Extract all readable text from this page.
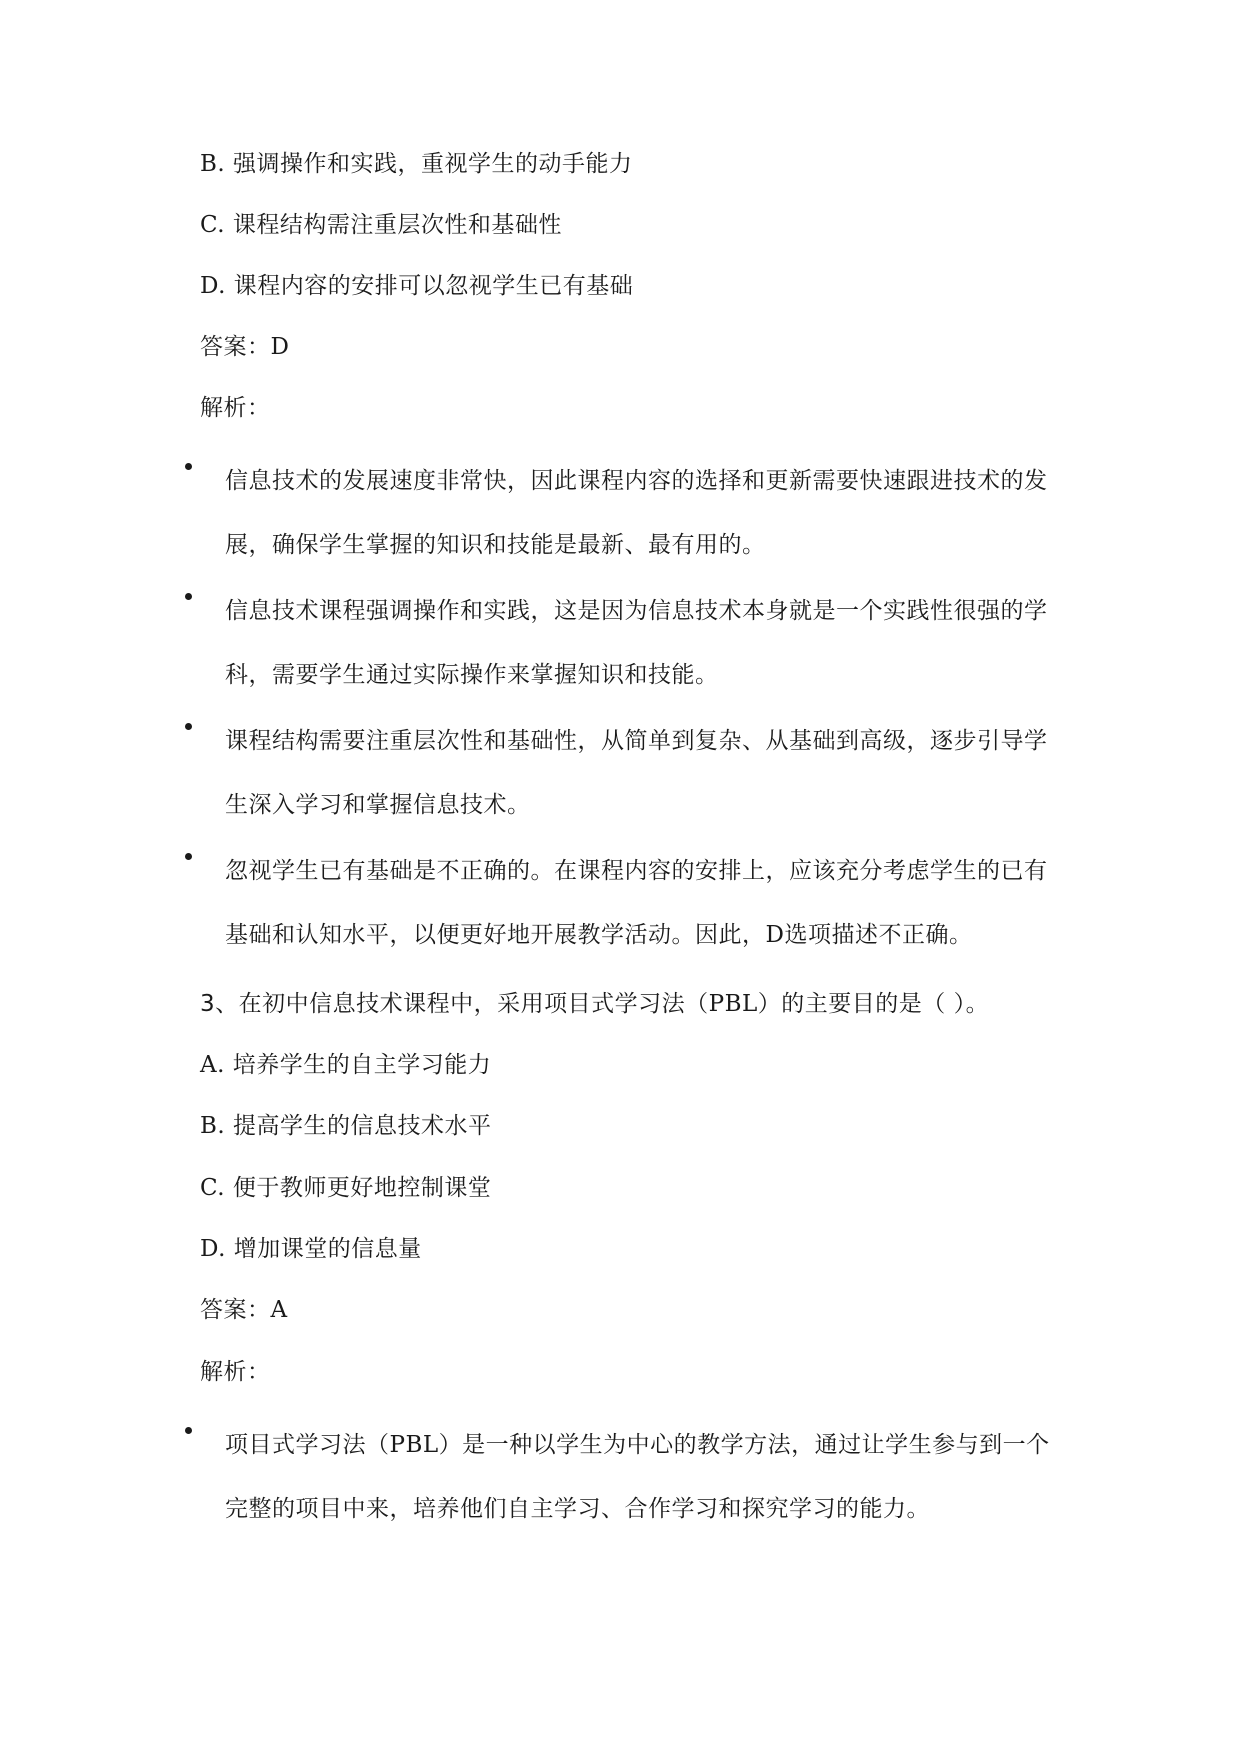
B. 强调操作和实践，重视学生的动手能力
C. 课程结构需注重层次性和基础性
D. 课程内容的安排可以忽视学生已有基础
答案：D
解析：
信息技术的发展速度非常快，因此课程内容的选择和更新需要快速跟进技术的发
展，确保学生掌握的知识和技能是最新、最有用的。
信息技术课程强调操作和实践，这是因为信息技术本身就是一个实践性很强的学
科，需要学生通过实际操作来掌握知识和技能。
课程结构需要注重层次性和基础性，从简单到复杂、从基础到高级，逐步引导学
生深入学习和掌握信息技术。
忽视学生已有基础是不正确的。在课程内容的安排上，应该充分考虑学生的已有
基础和认知水平，以便更好地开展教学活动。因此，D选项描述不正确。
3、在初中信息技术课程中，采用项目式学习法（PBL）的主要目的是（ ）。
A. 培养学生的自主学习能力
B. 提高学生的信息技术水平
C. 便于教师更好地控制课堂
D. 增加课堂的信息量
答案：A
解析：
项目式学习法（PBL）是一种以学生为中心的教学方法，通过让学生参与到一个
完整的项目中来，培养他们自主学习、合作学习和探究学习的能力。
